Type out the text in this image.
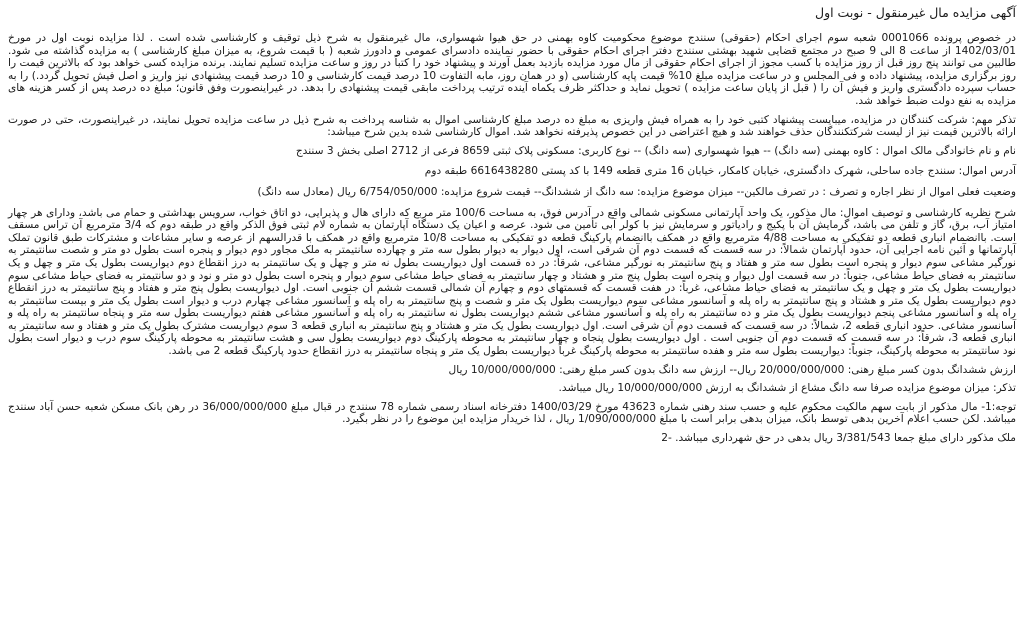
آگهی مزایده مال غیرمنقول - نوبت اول

در خصوص پرونده 0001066 شعبه سوم اجرای احکام (حقوقی) سنندج موضوع محکومیت کاوه بهمنی در حق هیوا شهسواری، مال غیرمنقول به شرح ذیل توقیف و کارشناسی شده است . لذا مزایده نوبت اول در مورخ 1402/03/01 از ساعت 8 الی 9 صبح در مجتمع قضایی شهید بهشتی سنندج دفتر اجرای احکام حقوقی با حضور نماینده دادسرای عمومی و دادورز شعبه ( با قیمت شروع، به میزان مبلغ کارشناسی ) به مزایده گذاشته می شود. طالبین می توانند پنج روز قبل از روز مزایده با کسب مجوز از اجرای احکام حقوقی از مال مورد مزایده بازدید بعمل آورند و پیشنهاد خود را کتباً در روز و ساعت مزایده تسلیم نمایند. برنده مزایده کسی خواهد بود که بالاترین قیمت را روز برگزاری مزایده، پیشنهاد داده و فی المجلس و در ساعت مزایده مبلغ 10% قیمت پایه کارشناسی (و در همان روز، مابه التفاوت 10 درصد قیمت کارشناسی و 10 درصد قیمت پیشنهادی نیز واریز و اصل فیش تحویل گردد.) را به حساب سپرده دادگستری واریز و فیش آن را ( قبل از پایان ساعت مزایده ) تحویل نماید و حداکثر ظرف یکماه آینده ترتیب پرداخت مابقی قیمت پیشنهادی را بدهد. در غیراینصورت وفق قانون؛ مبلغ ده درصد پس از کسر هزینه های مزایده به نفع دولت ضبط خواهد شد.

تذکر مهم: شرکت کنندگان در مزایده، میبایست پیشنهاد کتبی خود را به همراه فیش واریزی به مبلغ ده درصد مبلغ کارشناسی اموال به شناسه پرداخت به شرح ذیل در ساعت مزایده تحویل نمایند، در غیراینصورت، حتی در صورت ارائه بالاترین قیمت نیز از لیست شرکتکنندگان حذف خواهند شد و هیچ اعتراضی در این خصوص پذیرفته نخواهد شد. اموال کارشناسی شده بدین شرح میباشد:

نام و نام خانوادگی مالک اموال : کاوه بهمنی (سه دانگ) -- هیوا شهسواری (سه دانگ) -- نوع کاربری: مسکونی پلاک ثبتی 8659 فرعی از 2712 اصلی بخش 3 سنندج

آدرس اموال: سنندج جاده ساحلی، شهرک دادگستری، خیابان کامکار، خیابان 16 متری قطعه 149 با کد پستی 6616438280 طبقه دوم

وضعیت فعلی اموال از نظر اجاره و تصرف : در تصرف مالکین-- میزان موضوع مزایده: سه دانگ از ششدانگ-- قیمت شروع مزایده: 6/754/050/000 ریال (معادل سه دانگ)

شرح نظریه کارشناسی و توصیف اموال: مال مذکور، یک واحد آپارتمانی مسکونی شمالی واقع در آدرس فوق، به مساحت 100/6 متر مربع که دارای هال و پذیرایی، دو اتاق خواب، سرویس بهداشتی و حمام می باشد، ودارای هر چهار امتیاز آب، برق، گاز و تلفن می باشد، گرمایش آن با پکیج و رادیاتور و سرمایش نیز با کولر آبی تأمین می شود. عرصه و اعیان یک دستگاه آپارتمان به شماره لام ثبتی فوق الذکر واقع در طبقه دوم که 3/4 مترمربع آن تراس مسقف است. باانضمام انباری قطعه دو تفکیکی به مساحت 4/88 مترمربع واقع در همکف باانضمام پارکینگ قطعه دو تفکیکی به مساحت 10/8 مترمربع واقع در همکف با قدرالسهم از عرصه و سایر مشاعات و مشترکات طبق قانون تملک آپارتمانها و آئین نامه اجرایی آن، حدود آپارتمان شمالاً: در سه قسمت که قسمت دوم آن شرقی است، اول دیوار به دیوار بطول سه متر و چهارده سانتیمتر به ملک مجاور دوم دیوار و پنجره است بطول دو متر و شصت سانتیمتر به نورگیر مشاعی سوم دیوار و پنجره است بطول سه متر و هفتاد و پنج سانتیمتر به نورگیر مشاعی، شرقاً: در ده قسمت اول دیواریست بطول نه متر و چهل و یک سانتیمتر به درز انقطاع دوم دیواریست بطول یک متر و چهل و یک سانتیمتر به فضای حیاط مشاعی، جنوباً: در سه قسمت اول دیوار و پنجره است بطول پنج متر و هشتاد و چهار سانتیمتر به فضای حیاط مشاعی سوم دیوار و پنجره است بطول دو متر و نود و دو سانتیمتر به فضای حیاط مشاعی سوم دیواریست بطول یک متر و چهل و یک سانتیمتر به فضای حیاط مشاعی، غرباً: در هفت قسمت که قسمتهای دوم و چهارم آن شمالی قسمت ششم آن جنوبی است. اول دیواریست بطول پنج متر و هفتاد و پنج سانتیمتر به درز انقطاع دوم دیواریست بطول یک متر و هشتاد و پنج سانتیمتر به راه پله و آسانسور مشاعی سوم دیواریست بطول یک متر و شصت و پنج سانتیمتر به راه پله و آسانسور مشاعی چهارم درب و دیوار است بطول یک متر و بیست سانتیمتر به راه پله و آسانسور مشاعی پنجم دیواریست بطول یک متر و ده سانتیمتر به راه پله و آسانسور مشاعی ششم دیواریست بطول نه سانتیمتر به راه پله و آسانسور مشاعی هفتم دیواریست بطول سه متر و پنجاه سانتیمتر به راه پله و آسانسور مشاعی. حدود انباری قطعه 2، شمالاً: در سه قسمت که قسمت دوم آن شرقی است. اول دیواریست بطول یک متر و هشتاد و پنج سانتیمتر به انباری قطعه 3 سوم دیواریست مشترک بطول یک متر و هفتاد و سه سانتیمتر به انباری قطعه 3، شرقاً: در سه قسمت که قسمت دوم آن جنوبی است . اول دیواریست بطول پنجاه و چهار سانتیمتر به محوطه پارکینگ دوم دیواریست بطول سی و هشت سانتیمتر به محوطه پارکینگ سوم درب و دیوار است بطول نود سانتیمتر به محوطه پارکینگ، جنوباً: دیواریست بطول سه متر و هفده سانتیمتر به محوطه پارکینگ غرباً دیواریست بطول یک متر و پنجاه سانتیمتر به درز انقطاع حدود پارکینگ قطعه 2 می باشد.

ارزش ششدانگ بدون کسر مبلغ رهنی: 20/000/000/000 ریال-- ارزش سه دانگ بدون کسر مبلغ رهنی: 10/000/000/000 ریال

تذکر: میزان موضوع مزایده صرفا سه دانگ مشاع از ششدانگ به ارزش 10/000/000/000 ریال میباشد.

توجه:1- مال مذکور از بابت سهم مالکیت محکوم علیه و حسب سند رهنی شماره 43623 مورخ 1400/03/29 دفترخانه اسناد رسمی شماره 78 سنندج در قبال مبلغ 36/000/000/000 در رهن بانک مسکن شعبه حسن آباد سنندج میباشد. لکن حسب اعلام آخرین بدهی توسط بانک، میزان بدهی برابر است با مبلغ 1/090/000/000 ریال ، لذا خریدار مزایده این موضوع را در نظر بگیرد.

ملک مذکور دارای مبلغ جمعا 3/381/543 ریال بدهی در حق شهرداری میباشد. -2
